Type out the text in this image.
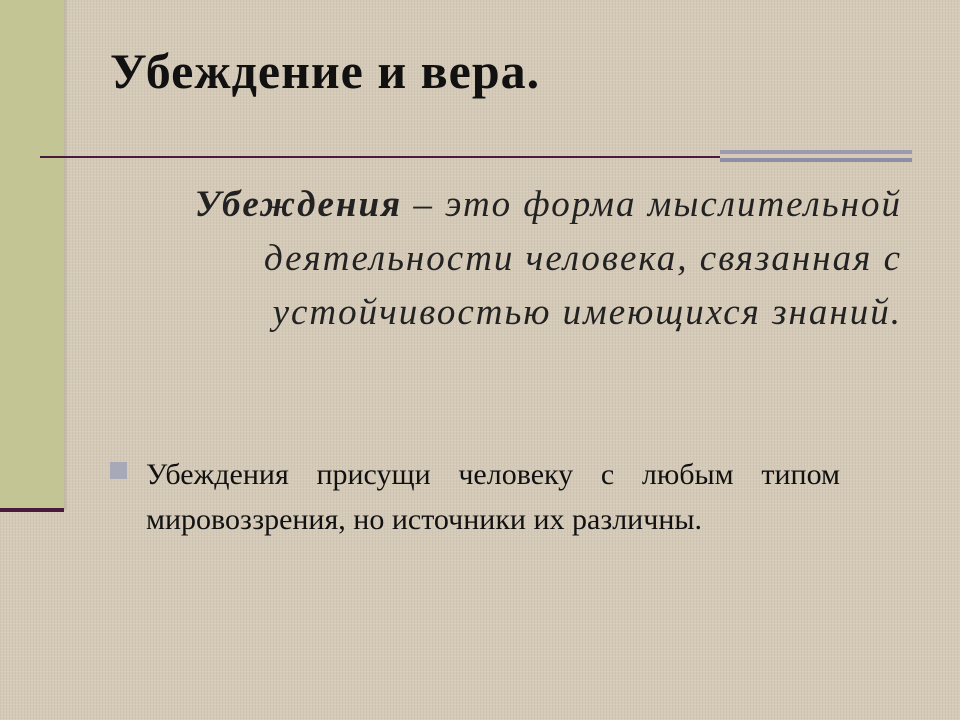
Убеждение и вера.

Убеждения – это форма мыслительной деятельности человека, связанная с устойчивостью имеющихся знаний.

Убеждения присущи человеку с любым типом мировоззрения, но источники их различны.
